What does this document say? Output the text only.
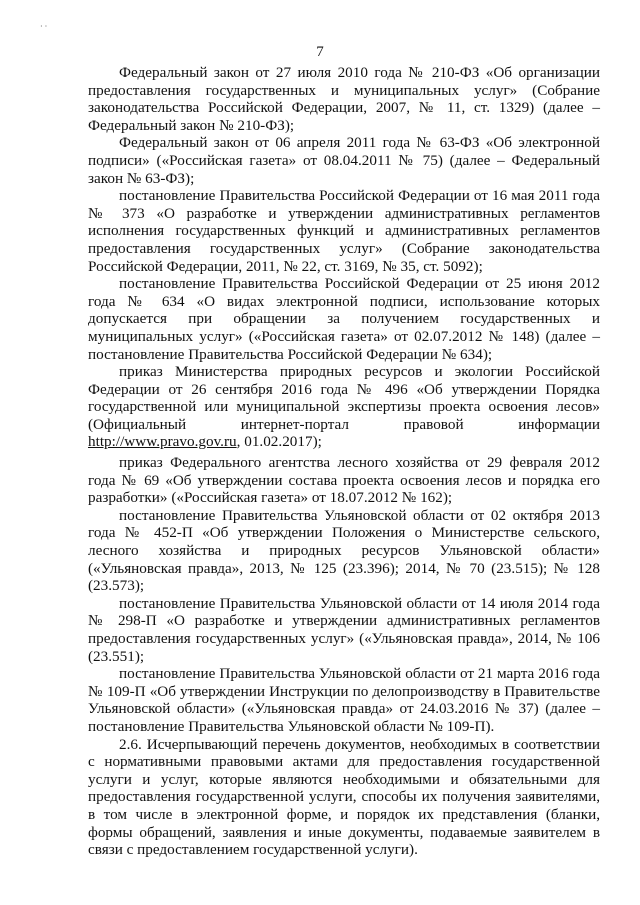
· ·
7

Федеральный закон от 27 июля 2010 года № 210-ФЗ «Об организации предоставления государственных и муниципальных услуг» (Собрание законодательства Российской Федерации, 2007, № 11, ст. 1329) (далее – Федеральный закон № 210-ФЗ);

Федеральный закон от 06 апреля 2011 года № 63-ФЗ «Об электронной подписи» («Российская газета» от 08.04.2011 № 75) (далее – Федеральный закон № 63-ФЗ);

постановление Правительства Российской Федерации от 16 мая 2011 года № 373 «О разработке и утверждении административных регламентов исполнения государственных функций и административных регламентов предоставления государственных услуг» (Собрание законодательства Российской Федерации, 2011, № 22, ст. 3169, № 35, ст. 5092);

постановление Правительства Российской Федерации от 25 июня 2012 года № 634 «О видах электронной подписи, использование которых допускается при обращении за получением государственных и муниципальных услуг» («Российская газета» от 02.07.2012 № 148) (далее – постановление Правительства Российской Федерации № 634);

приказ Министерства природных ресурсов и экологии Российской Федерации от 26 сентября 2016 года № 496 «Об утверждении Порядка государственной или муниципальной экспертизы проекта освоения лесов» (Официальный интернет-портал правовой информации http://www.pravo.gov.ru, 01.02.2017);

приказ Федерального агентства лесного хозяйства от 29 февраля 2012 года № 69 «Об утверждении состава проекта освоения лесов и порядка его разработки» («Российская газета» от 18.07.2012 № 162);

постановление Правительства Ульяновской области от 02 октября 2013 года № 452-П «Об утверждении Положения о Министерстве сельского, лесного хозяйства и природных ресурсов Ульяновской области» («Ульяновская правда», 2013, № 125 (23.396); 2014, № 70 (23.515); № 128 (23.573);

постановление Правительства Ульяновской области от 14 июля 2014 года № 298-П «О разработке и утверждении административных регламентов предоставления государственных услуг» («Ульяновская правда», 2014, № 106 (23.551);

постановление Правительства Ульяновской области от 21 марта 2016 года № 109-П «Об утверждении Инструкции по делопроизводству в Правительстве Ульяновской области» («Ульяновская правда» от 24.03.2016 № 37) (далее – постановление Правительства Ульяновской области № 109-П).

2.6. Исчерпывающий перечень документов, необходимых в соответствии с нормативными правовыми актами для предоставления государственной услуги и услуг, которые являются необходимыми и обязательными для предоставления государственной услуги, способы их получения заявителями, в том числе в электронной форме, и порядок их представления (бланки, формы обращений, заявления и иные документы, подаваемые заявителем в связи с предоставлением государственной услуги).
